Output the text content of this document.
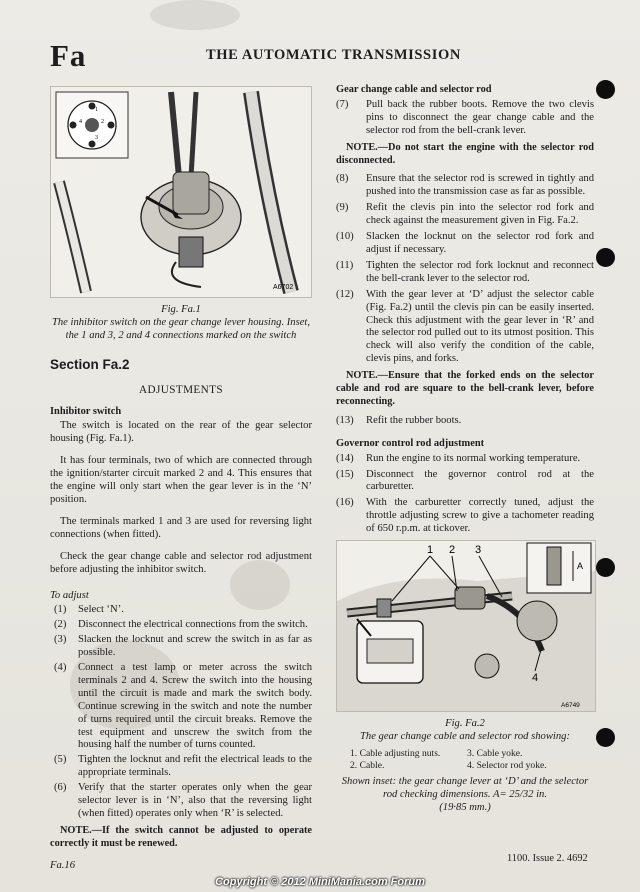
Fa	THE AUTOMATIC TRANSMISSION
1
2
3
4
A6702
Fig. Fa.1
The inhibitor switch on the gear change lever housing. Inset, the 1 and 3, 2 and 4 connections marked on the switch
Section Fa.2
ADJUSTMENTS
Inhibitor switch

The switch is located on the rear of the gear selector housing (Fig. Fa.1).

It has four terminals, two of which are connected through the ignition/starter circuit marked 2 and 4. This ensures that the engine will only start when the gear lever is in the ‘N’ position.

The terminals marked 1 and 3 are used for reversing light connections (when fitted).

Check the gear change cable and selector rod adjustment before adjusting the inhibitor switch.

To adjust
(1)	Select ‘N’.
(2)	Disconnect the electrical connections from the switch.
(3)	Slacken the locknut and screw the switch in as far as possible.
(4)	Connect a test lamp or meter across the switch terminals 2 and 4. Screw the switch into the housing until the circuit is made and mark the switch body. Continue screwing in the switch and note the number of turns required until the circuit breaks. Remove the test equipment and unscrew the switch from the housing half the number of turns counted.
(5)	Tighten the locknut and refit the electrical leads to the appropriate terminals.
(6)	Verify that the starter operates only when the gear selector lever is in ‘N’, also that the reversing light (when fitted) operates only when ‘R’ is selected.
NOTE.—If the switch cannot be adjusted to operate correctly it must be renewed.
Gear change cable and selector rod
(7)	Pull back the rubber boots. Remove the two clevis pins to disconnect the gear change cable and the selector rod from the bell-crank lever.
NOTE.—Do not start the engine with the selector rod disconnected.
(8)	Ensure that the selector rod is screwed in tightly and pushed into the transmission case as far as possible.
(9)	Refit the clevis pin into the selector rod fork and check against the measurement given in Fig. Fa.2.
(10)	Slacken the locknut on the selector rod fork and adjust if necessary.
(11)	Tighten the selector rod fork locknut and reconnect the bell-crank lever to the selector rod.
(12)	With the gear lever at ‘D’ adjust the selector cable (Fig. Fa.2) until the clevis pin can be easily inserted. Check this adjustment with the gear lever in ‘R’ and the selector rod pulled out to its utmost position. This check will also verify the condition of the cable, clevis pins, and forks.
NOTE.—Ensure that the forked ends on the selector cable and rod are square to the bell-crank lever, before reconnecting.
(13)	Refit the rubber boots.
Governor control rod adjustment
(14)	Run the engine to its normal working temperature.
(15)	Disconnect the governor control rod at the carburetter.
(16)	With the carburetter correctly tuned, adjust the throttle adjusting screw to give a tachometer reading of 650 r.p.m. at tickover.
A
1 2 3
4
A6749
Fig. Fa.2
The gear change cable and selector rod showing:
1. Cable adjusting nuts.	3. Cable yoke.
2. Cable.	4. Selector rod yoke.

Shown inset: the gear change lever at ‘D’ and the selector rod checking dimensions. A= 25/32 in.

(19·85 mm.)

Fa.16
1100. Issue 2. 4692
Copyright © 2012 MiniMania.com Forum
